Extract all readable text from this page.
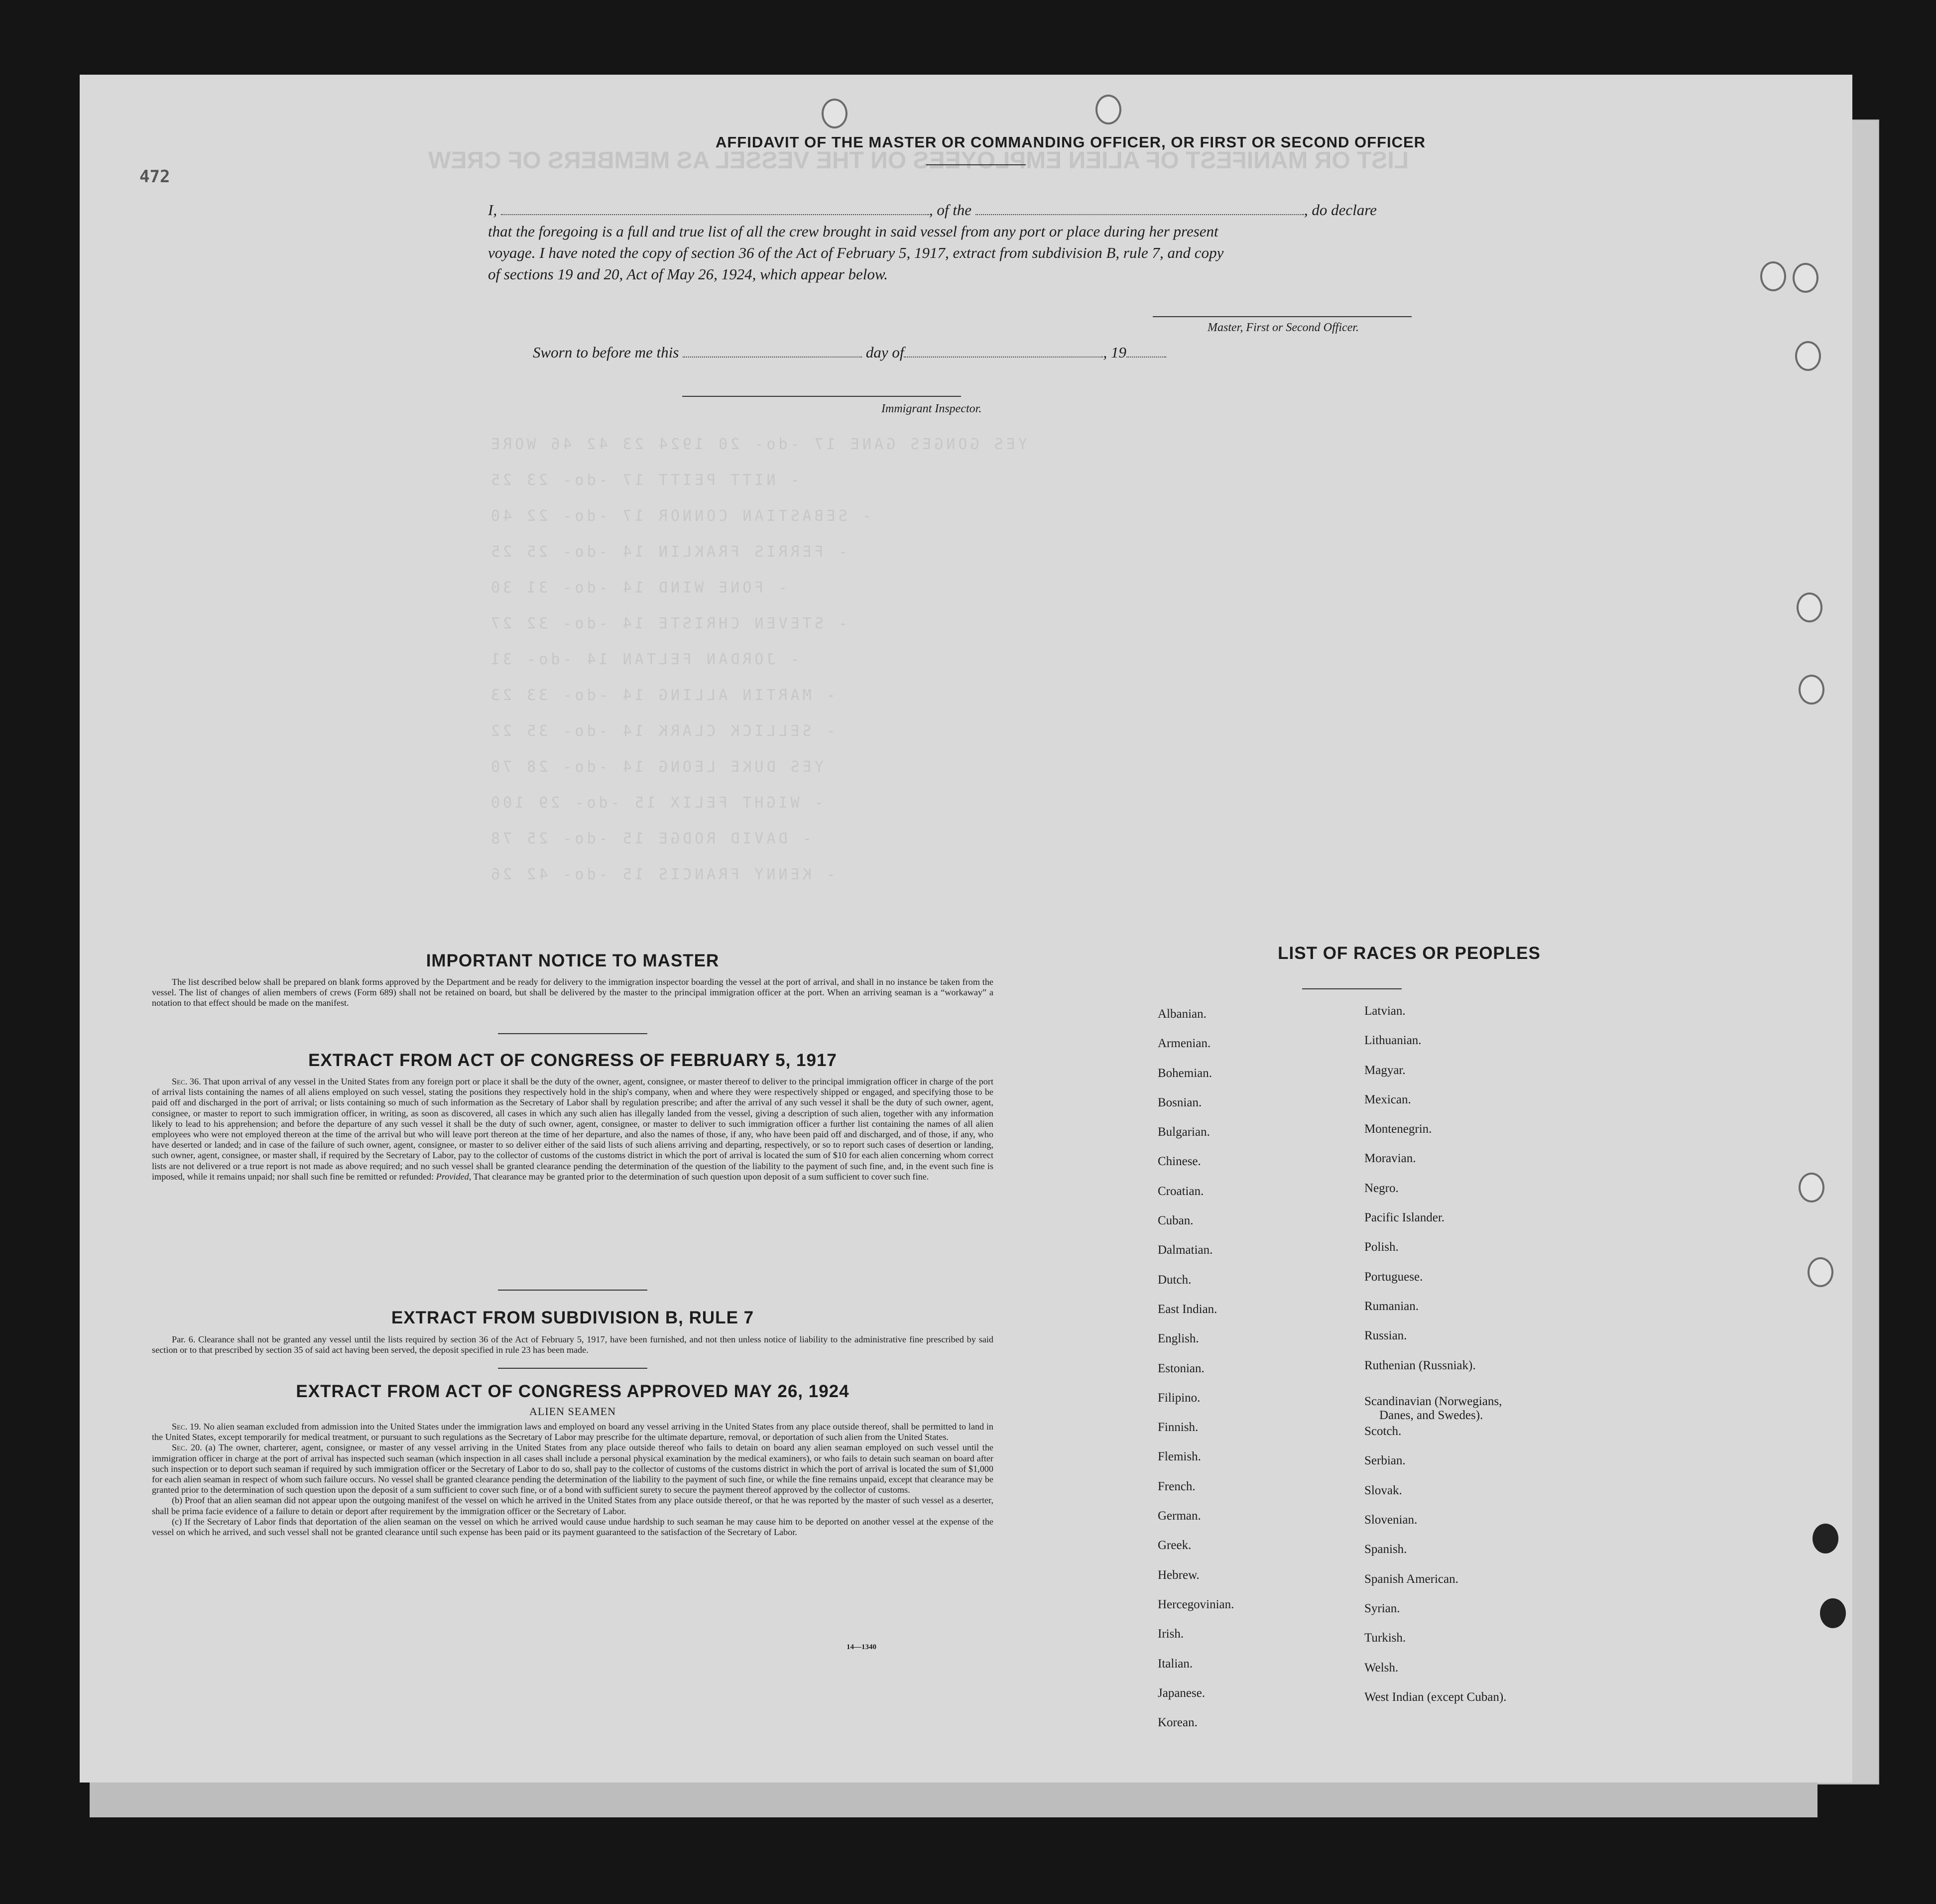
LIST OR MANIFEST OF ALIEN EMPLOYEES ON THE VESSEL AS MEMBERS OF CREW
YES GONGES GANE 17 -do- 20 1924 23 42 46 WORE
- NITT PEITT 17 -do- 23 25
- SEBASTIAN CONNOR 17 -do- 22 40
- FERRIS FRAKLIN 14 -do- 25 25
- FONE WIND 14 -do- 31 30
- STEVEN CHRISTE 14 -do- 32 27
- JORDAN FELTAN 14 -do- 31
- MARTIN ALLING 14 -do- 33 23
- SELLICK CLARK 14 -do- 35 22
YES DUKE LEONG 14 -do- 28 70
- WIGHT FELIX 15 -do- 29 100
- DAVID RODGE 15 -do- 25 78
- KENNY FRANCIS 15 -do- 42 26
472
AFFIDAVIT OF THE MASTER OR COMMANDING OFFICER, OR FIRST OR SECOND OFFICER
I,	, of the	, do declare
that the foregoing is a full and true list of all the crew brought in said vessel from any port or place during her present
voyage. I have noted the copy of section 36 of the Act of February 5, 1917, extract from subdivision B, rule 7, and copy
of sections 19 and 20, Act of May 26, 1924, which appear below.
Master, First or Second Officer.
Sworn to before me this	day of	, 19
Immigrant Inspector.
IMPORTANT NOTICE TO MASTER

The list described below shall be prepared on blank forms approved by the Department and be ready for delivery to the immigration inspector boarding the vessel at the port of arrival, and shall in no instance be taken from the vessel. The list of changes of alien members of crews (Form 689) shall not be retained on board, but shall be delivered by the master to the principal immigration officer at the port. When an arriving seaman is a “workaway” a notation to that effect should be made on the manifest.

EXTRACT FROM ACT OF CONGRESS OF FEBRUARY 5, 1917

Sec. 36. That upon arrival of any vessel in the United States from any foreign port or place it shall be the duty of the owner, agent, consignee, or master thereof to deliver to the principal immigration officer in charge of the port of arrival lists containing the names of all aliens employed on such vessel, stating the positions they respectively hold in the ship's company, when and where they were respectively shipped or engaged, and specifying those to be paid off and discharged in the port of arrival; or lists containing so much of such information as the Secretary of Labor shall by regulation prescribe; and after the arrival of any such vessel it shall be the duty of such owner, agent, consignee, or master to report to such immigration officer, in writing, as soon as discovered, all cases in which any such alien has illegally landed from the vessel, giving a description of such alien, together with any information likely to lead to his apprehension; and before the departure of any such vessel it shall be the duty of such owner, agent, consignee, or master to deliver to such immigration officer a further list containing the names of all alien employees who were not employed thereon at the time of the arrival but who will leave port thereon at the time of her departure, and also the names of those, if any, who have been paid off and discharged, and of those, if any, who have deserted or landed; and in case of the failure of such owner, agent, consignee, or master to so deliver either of the said lists of such aliens arriving and departing, respectively, or so to report such cases of desertion or landing, such owner, agent, consignee, or master shall, if required by the Secretary of Labor, pay to the collector of customs of the customs district in which the port of arrival is located the sum of $10 for each alien concerning whom correct lists are not delivered or a true report is not made as above required; and no such vessel shall be granted clearance pending the determination of the question of the liability to the payment of such fine, and, in the event such fine is imposed, while it remains unpaid; nor shall such fine be remitted or refunded: Provided, That clearance may be granted prior to the determination of such question upon deposit of a sum sufficient to cover such fine.

EXTRACT FROM SUBDIVISION B, RULE 7

Par. 6. Clearance shall not be granted any vessel until the lists required by section 36 of the Act of February 5, 1917, have been furnished, and not then unless notice of liability to the administrative fine prescribed by said section or to that prescribed by section 35 of said act having been served, the deposit specified in rule 23 has been made.

EXTRACT FROM ACT OF CONGRESS APPROVED MAY 26, 1924
ALIEN SEAMEN

Sec. 19. No alien seaman excluded from admission into the United States under the immigration laws and employed on board any vessel arriving in the United States from any place outside thereof, shall be permitted to land in the United States, except temporarily for medical treatment, or pursuant to such regulations as the Secretary of Labor may prescribe for the ultimate departure, removal, or deportation of such alien from the United States.

Sec. 20. (a) The owner, charterer, agent, consignee, or master of any vessel arriving in the United States from any place outside thereof who fails to detain on board any alien seaman employed on such vessel until the immigration officer in charge at the port of arrival has inspected such seaman (which inspection in all cases shall include a personal physical examination by the medical examiners), or who fails to detain such seaman on board after such inspection or to deport such seaman if required by such immigration officer or the Secretary of Labor to do so, shall pay to the collector of customs of the customs district in which the port of arrival is located the sum of $1,000 for each alien seaman in respect of whom such failure occurs. No vessel shall be granted clearance pending the determination of the liability to the payment of such fine, or while the fine remains unpaid, except that clearance may be granted prior to the determination of such question upon the deposit of a sum sufficient to cover such fine, or of a bond with sufficient surety to secure the payment thereof approved by the collector of customs.

(b) Proof that an alien seaman did not appear upon the outgoing manifest of the vessel on which he arrived in the United States from any place outside thereof, or that he was reported by the master of such vessel as a deserter, shall be prima facie evidence of a failure to detain or deport after requirement by the immigration officer or the Secretary of Labor.

(c) If the Secretary of Labor finds that deportation of the alien seaman on the vessel on which he arrived would cause undue hardship to such seaman he may cause him to be deported on another vessel at the expense of the vessel on which he arrived, and such vessel shall not be granted clearance until such expense has been paid or its payment guaranteed to the satisfaction of the Secretary of Labor.

14—1340
LIST OF RACES OR PEOPLES
Albanian.
Armenian.
Bohemian.
Bosnian.
Bulgarian.
Chinese.
Croatian.
Cuban.
Dalmatian.
Dutch.
East Indian.
English.
Estonian.
Filipino.
Finnish.
Flemish.
French.
German.
Greek.
Hebrew.
Hercegovinian.
Irish.
Italian.
Japanese.
Korean.
Latvian.
Lithuanian.
Magyar.
Mexican.
Montenegrin.
Moravian.
Negro.
Pacific Islander.
Polish.
Portuguese.
Rumanian.
Russian.
Ruthenian (Russniak).
Scandinavian (Norwegians,
Danes, and Swedes).
Scotch.
Serbian.
Slovak.
Slovenian.
Spanish.
Spanish American.
Syrian.
Turkish.
Welsh.
West Indian (except Cuban).
